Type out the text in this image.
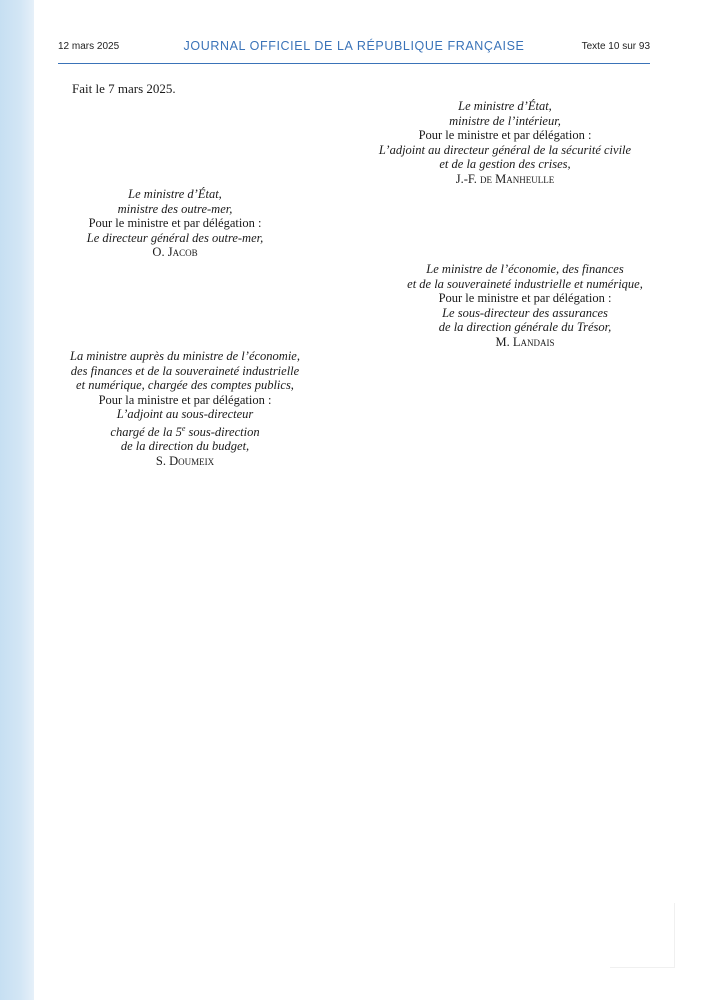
12 mars 2025	JOURNAL OFFICIEL DE LA RÉPUBLIQUE FRANÇAISE	Texte 10 sur 93
Fait le 7 mars 2025.
Le ministre d’État,
ministre de l’intérieur,
Pour le ministre et par délégation :
L’adjoint au directeur général de la sécurité civile
et de la gestion des crises,
J.-F. de Manheulle
Le ministre d’État,
ministre des outre-mer,
Pour le ministre et par délégation :
Le directeur général des outre-mer,
O. Jacob
Le ministre de l’économie, des finances
et de la souveraineté industrielle et numérique,
Pour le ministre et par délégation :
Le sous-directeur des assurances
de la direction générale du Trésor,
M. Landais
La ministre auprès du ministre de l’économie,
des finances et de la souveraineté industrielle
et numérique, chargée des comptes publics,
Pour la ministre et par délégation :
L’adjoint au sous-directeur
chargé de la 5e sous-direction
de la direction du budget,
S. Doumeix
